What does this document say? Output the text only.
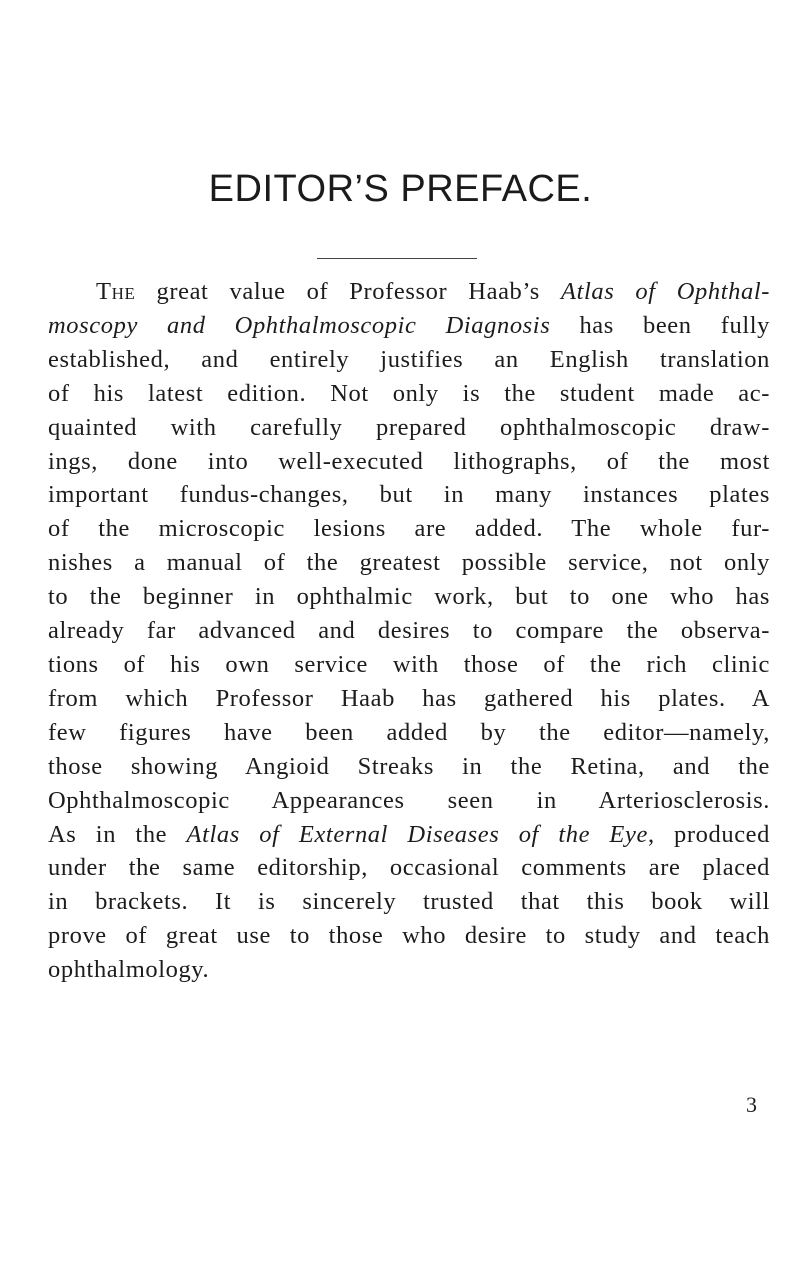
EDITOR’S PREFACE.
The great value of Professor Haab’s Atlas of Ophthal-
moscopy and Ophthalmoscopic Diagnosis has been fully
established, and entirely justifies an English translation
of his latest edition. Not only is the student made ac-
quainted with carefully prepared ophthalmoscopic draw-
ings, done into well-executed lithographs, of the most
important fundus-changes, but in many instances plates
of the microscopic lesions are added. The whole fur-
nishes a manual of the greatest possible service, not only
to the beginner in ophthalmic work, but to one who has
already far advanced and desires to compare the observa-
tions of his own service with those of the rich clinic
from which Professor Haab has gathered his plates. A
few figures have been added by the editor—namely,
those showing Angioid Streaks in the Retina, and the
Ophthalmoscopic Appearances seen in Arteriosclerosis.
As in the Atlas of External Diseases of the Eye, produced
under the same editorship, occasional comments are placed
in brackets. It is sincerely trusted that this book will
prove of great use to those who desire to study and teach
ophthalmology.
3
